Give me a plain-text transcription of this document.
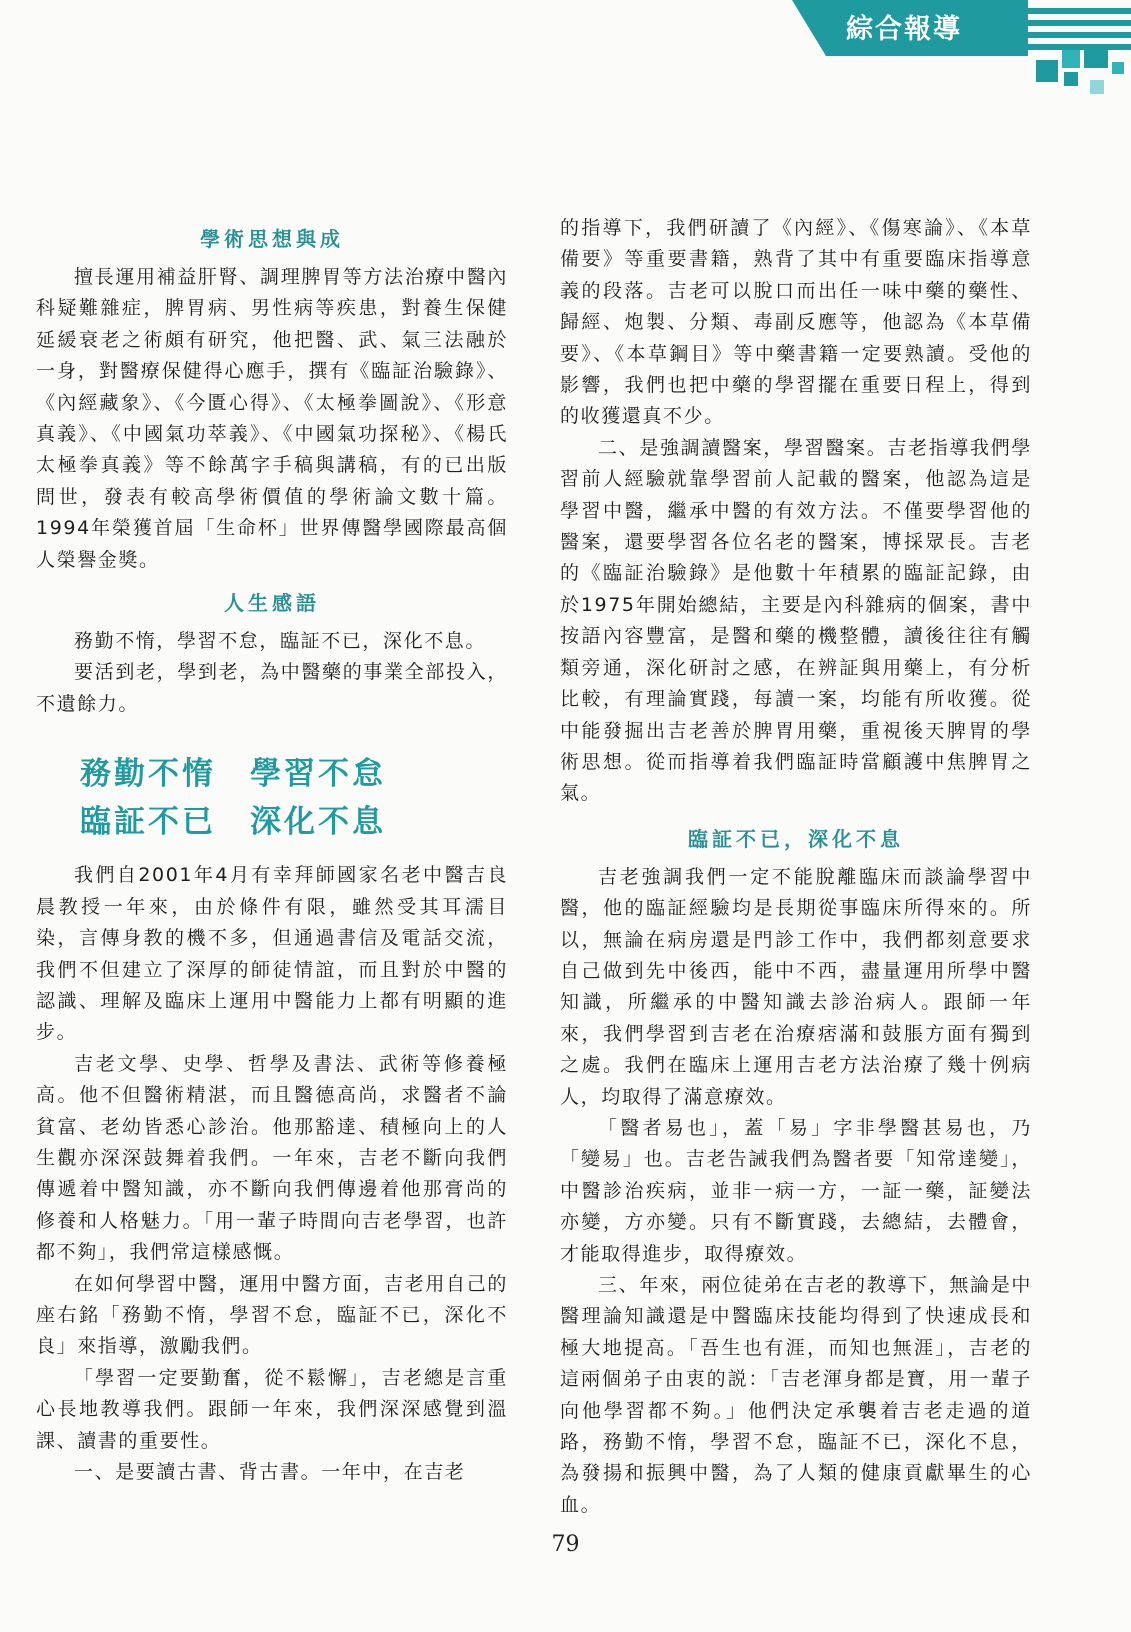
綜合報導
學術思想與成

擅長運用補益肝腎、調理脾胃等方法治療中醫內科疑難雜症，脾胃病、男性病等疾患，對養生保健延緩衰老之術頗有研究，他把醫、武、氣三法融於一身，對醫療保健得心應手，撰有《臨証治驗錄》、《內經藏象》、《今匱心得》、《太極拳圖說》、《形意真義》、《中國氣功萃義》、《中國氣功探秘》、《楊氏太極拳真義》等不餘萬字手稿與講稿，有的已出版問世，發表有較高學術價值的學術論文數十篇。1994年榮獲首屆「生命杯」世界傳醫學國際最高個人榮譽金獎。

人生感語

務勤不惰，學習不怠，臨証不已，深化不息。

要活到老，學到老，為中醫藥的事業全部投入，不遺餘力。

務勤不惰　學習不怠
臨証不已　深化不息

我們自2001年4月有幸拜師國家名老中醫吉良晨教授一年來，由於條件有限，雖然受其耳濡目染，言傳身教的機不多，但通過書信及電話交流，我們不但建立了深厚的師徒情誼，而且對於中醫的認識、理解及臨床上運用中醫能力上都有明顯的進步。

吉老文學、史學、哲學及書法、武術等修養極高。他不但醫術精湛，而且醫德高尚，求醫者不論貧富、老幼皆悉心診治。他那豁達、積極向上的人生觀亦深深鼓舞着我們。一年來，吉老不斷向我們傳遞着中醫知識，亦不斷向我們傳邊着他那膏尚的修養和人格魅力。「用一輩子時間向吉老學習，也許都不夠」，我們常這樣感慨。

在如何學習中醫，運用中醫方面，吉老用自己的座右銘「務勤不惰，學習不怠，臨証不已，深化不良」來指導，激勵我們。

「學習一定要勤奮，從不鬆懈」，吉老總是言重心長地教導我們。跟師一年來，我們深深感覺到溫課、讀書的重要性。

一、是要讀古書、背古書。一年中，在吉老

的指導下，我們研讀了《內經》、《傷寒論》、《本草備要》等重要書籍，熟背了其中有重要臨床指導意義的段落。吉老可以脫口而出任一味中藥的藥性、歸經、炮製、分類、毒副反應等，他認為《本草備要》、《本草鋼目》等中藥書籍一定要熟讀。受他的影響，我們也把中藥的學習擺在重要日程上，得到的收獲還真不少。

二、是強調讀醫案，學習醫案。吉老指導我們學習前人經驗就靠學習前人記載的醫案，他認為這是學習中醫，繼承中醫的有效方法。不僅要學習他的醫案，還要學習各位名老的醫案，博採眾長。吉老的《臨証治驗錄》是他數十年積累的臨証記錄，由於1975年開始總結，主要是內科雜病的個案，書中按語內容豐富，是醫和藥的機整體，讀後往往有觸類旁通，深化研討之感，在辨証與用藥上，有分析比較，有理論實踐，每讀一案，均能有所收獲。從中能發掘出吉老善於脾胃用藥，重視後天脾胃的學術思想。從而指導着我們臨証時當顧護中焦脾胃之氣。

臨証不已，深化不息

吉老強調我們一定不能脫離臨床而談論學習中醫，他的臨証經驗均是長期從事臨床所得來的。所以，無論在病房還是門診工作中，我們都刻意要求自己做到先中後西，能中不西，盡量運用所學中醫知識，所繼承的中醫知識去診治病人。跟師一年來，我們學習到吉老在治療痞滿和鼓脹方面有獨到之處。我們在臨床上運用吉老方法治療了幾十例病人，均取得了滿意療效。

「醫者易也」，蓋「易」字非學醫甚易也，乃「變易」也。吉老告誡我們為醫者要「知常達變」，中醫診治疾病，並非一病一方，一証一藥，証變法亦變，方亦變。只有不斷實踐，去總結，去體會，才能取得進步，取得療效。

三、年來，兩位徒弟在吉老的教導下，無論是中醫理論知識還是中醫臨床技能均得到了快速成長和極大地提高。「吾生也有涯，而知也無涯」，吉老的這兩個弟子由衷的説：「吉老渾身都是寶，用一輩子向他學習都不夠。」他們決定承襲着吉老走過的道路，務勤不惰，學習不怠，臨証不已，深化不息，為發揚和振興中醫，為了人類的健康貢獻畢生的心血。

79
